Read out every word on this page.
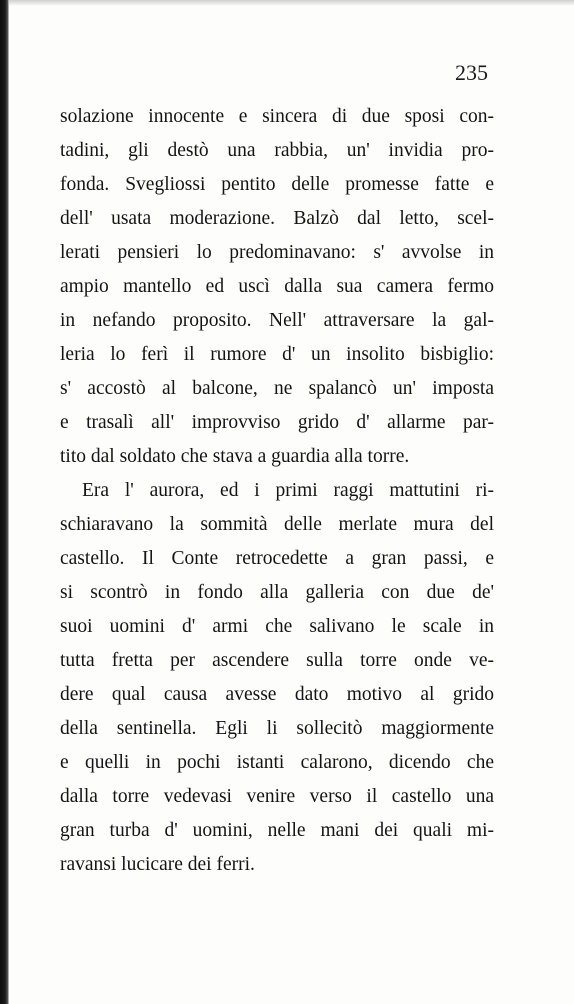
235
solazione innocente e sincera di due sposi con-
tadini, gli destò una rabbia, un' invidia pro-
fonda. Svegliossi pentito delle promesse fatte e
dell' usata moderazione. Balzò dal letto, scel-
lerati pensieri lo predominavano: s' avvolse in
ampio mantello ed uscì dalla sua camera fermo
in nefando proposito. Nell' attraversare la gal-
leria lo ferì il rumore d' un insolito bisbiglio:
s' accostò al balcone, ne spalancò un' imposta
e trasalì all' improvviso grido d' allarme par-
tito dal soldato che stava a guardia alla torre.
Era l' aurora, ed i primi raggi mattutini ri-
schiaravano la sommità delle merlate mura del
castello. Il Conte retrocedette a gran passi, e
si scontrò in fondo alla galleria con due de'
suoi uomini d' armi che salivano le scale in
tutta fretta per ascendere sulla torre onde ve-
dere qual causa avesse dato motivo al grido
della sentinella. Egli li sollecitò maggiormente
e quelli in pochi istanti calarono, dicendo che
dalla torre vedevasi venire verso il castello una
gran turba d' uomini, nelle mani dei quali mi-
ravansi lucicare dei ferri.
